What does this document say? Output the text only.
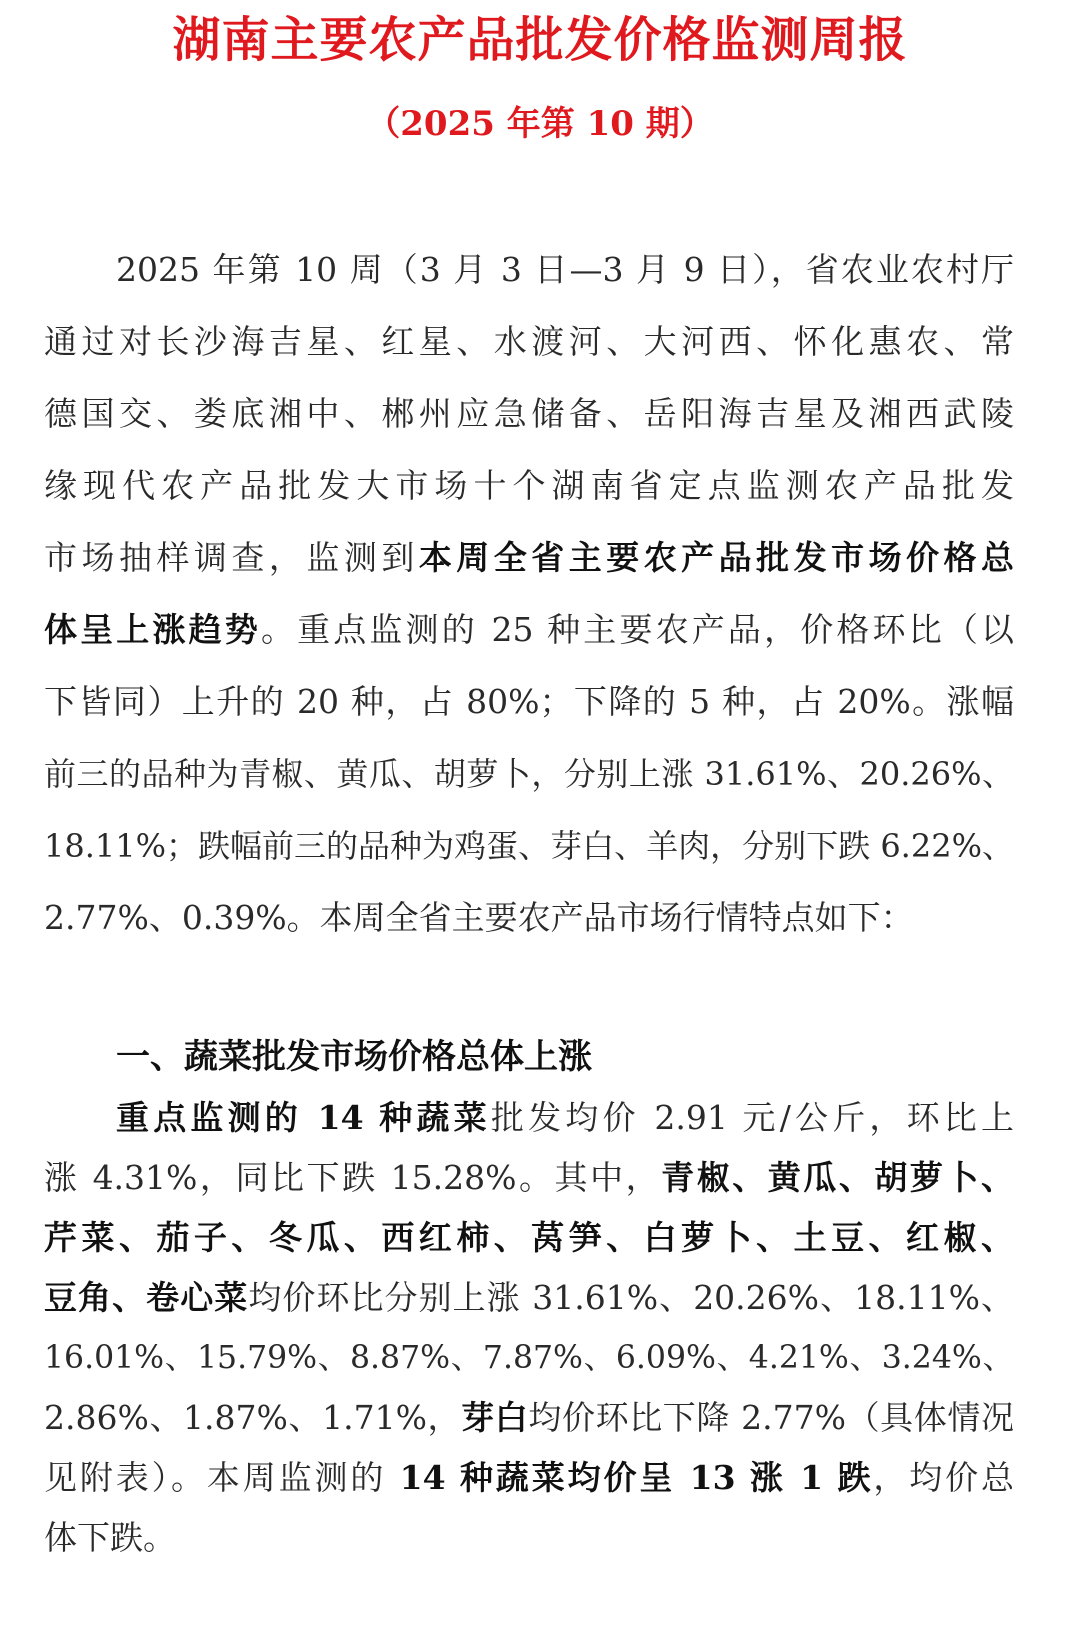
湖南主要农产品批发价格监测周报
（2025 年第 10 期）
2025 年第 10 周（3 月 3 日—3 月 9 日），省农业农村厅
通过对长沙海吉星、红星、水渡河、大河西、怀化惠农、常
德国交、娄底湘中、郴州应急储备、岳阳海吉星及湘西武陵
缘现代农产品批发大市场十个湖南省定点监测农产品批发
市场抽样调查，监测到本周全省主要农产品批发市场价格总
体呈上涨趋势。重点监测的 25 种主要农产品，价格环比（以
下皆同）上升的 20 种，占 80%；下降的 5 种，占 20%。涨幅
前三的品种为青椒、黄瓜、胡萝卜，分别上涨 31.61%、20.26%、
18.11%；跌幅前三的品种为鸡蛋、芽白、羊肉，分别下跌 6.22%、
2.77%、0.39%。本周全省主要农产品市场行情特点如下：
一、蔬菜批发市场价格总体上涨
重点监测的 14 种蔬菜批发均价 2.91 元/公斤，环比上
涨 4.31%，同比下跌 15.28%。其中，青椒、黄瓜、胡萝卜、
芹菜、茄子、冬瓜、西红柿、莴笋、白萝卜、土豆、红椒、
豆角、卷心菜均价环比分别上涨 31.61%、20.26%、18.11%、
16.01%、15.79%、8.87%、7.87%、6.09%、4.21%、3.24%、
2.86%、1.87%、1.71%，芽白均价环比下降 2.77%（具体情况
见附表）。本周监测的 14 种蔬菜均价呈 13 涨 1 跌，均价总
体下跌。
